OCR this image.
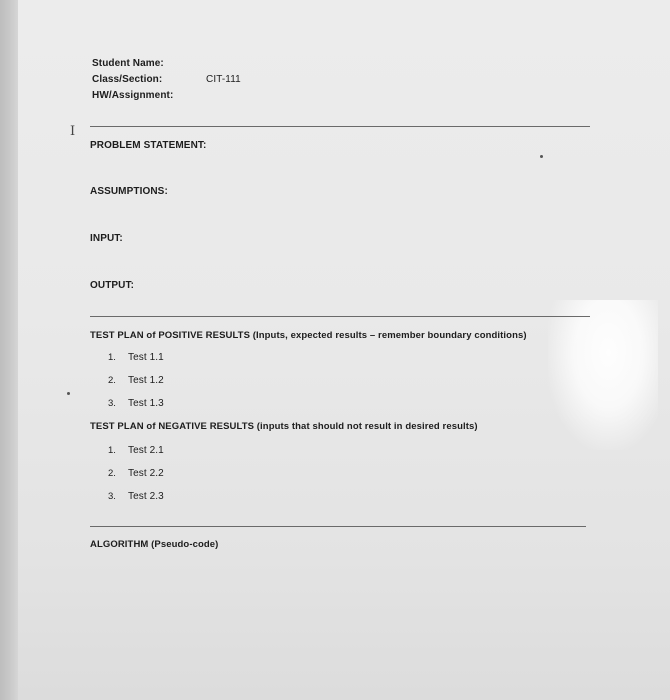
I
Student Name:
Class/Section:	CIT-111
HW/Assignment:
PROBLEM STATEMENT:
ASSUMPTIONS:
INPUT:
OUTPUT:
TEST PLAN of POSITIVE RESULTS (Inputs, expected results – remember boundary conditions)
1. Test 1.1
2. Test 1.2
3. Test 1.3
TEST PLAN of NEGATIVE RESULTS (inputs that should not result in desired results)
1. Test 2.1
2. Test 2.2
3. Test 2.3
ALGORITHM (Pseudo-code)
